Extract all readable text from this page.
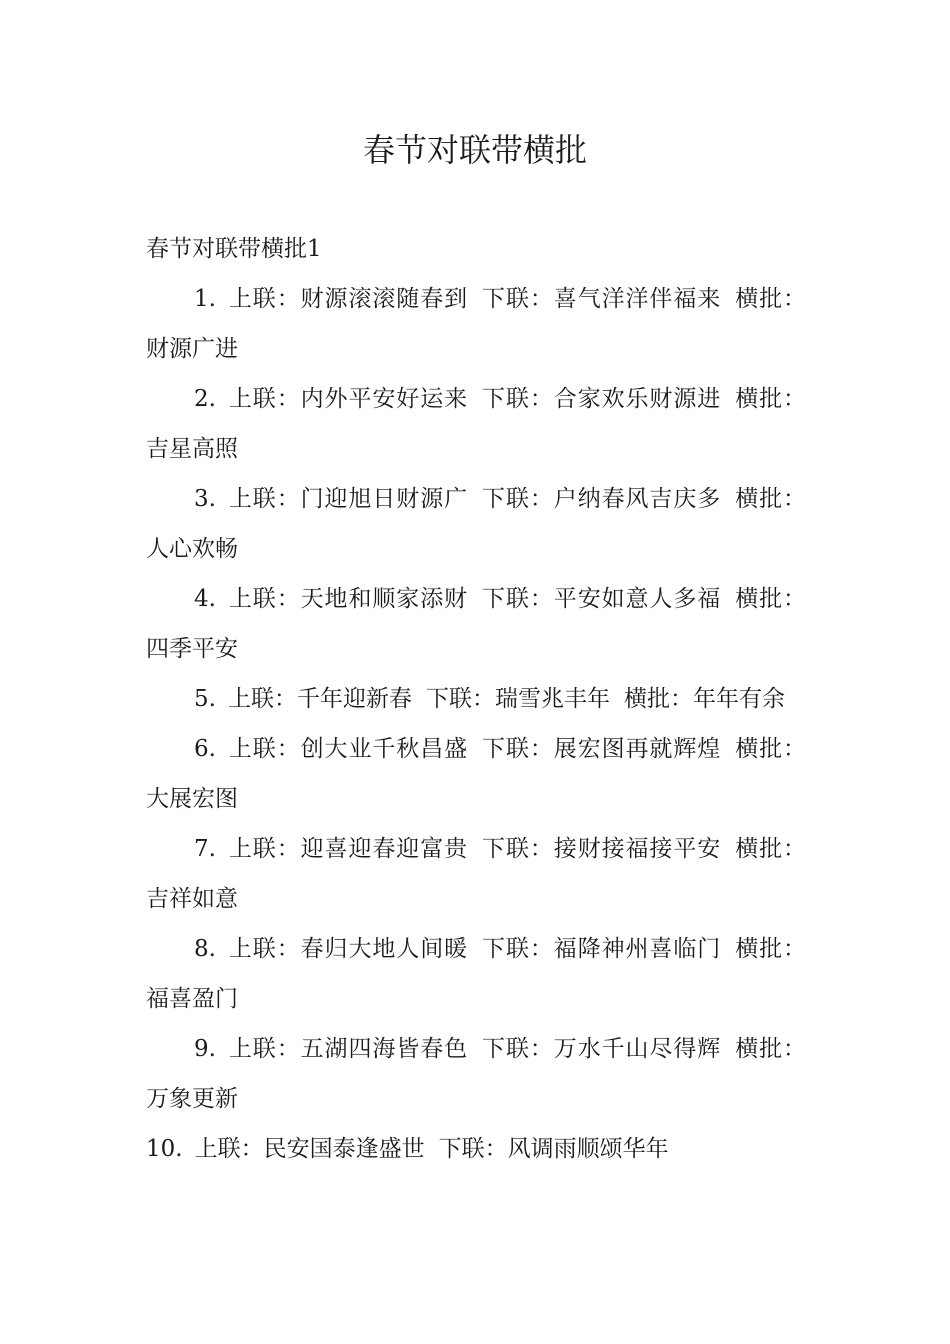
春节对联带横批

春节对联带横批1

1. 上联：财源滚滚随春到 下联：喜气洋洋伴福来 横批：财源广进

2. 上联：内外平安好运来 下联：合家欢乐财源进 横批：吉星高照

3. 上联：门迎旭日财源广 下联：户纳春风吉庆多 横批：人心欢畅

4. 上联：天地和顺家添财 下联：平安如意人多福 横批：四季平安

5. 上联：千年迎新春 下联：瑞雪兆丰年 横批：年年有余

6. 上联：创大业千秋昌盛 下联：展宏图再就辉煌 横批：大展宏图

7. 上联：迎喜迎春迎富贵 下联：接财接福接平安 横批：吉祥如意

8. 上联：春归大地人间暖 下联：福降神州喜临门 横批：福喜盈门

9. 上联：五湖四海皆春色 下联：万水千山尽得辉 横批：万象更新

10. 上联：民安国泰逢盛世 下联：风调雨顺颂华年
